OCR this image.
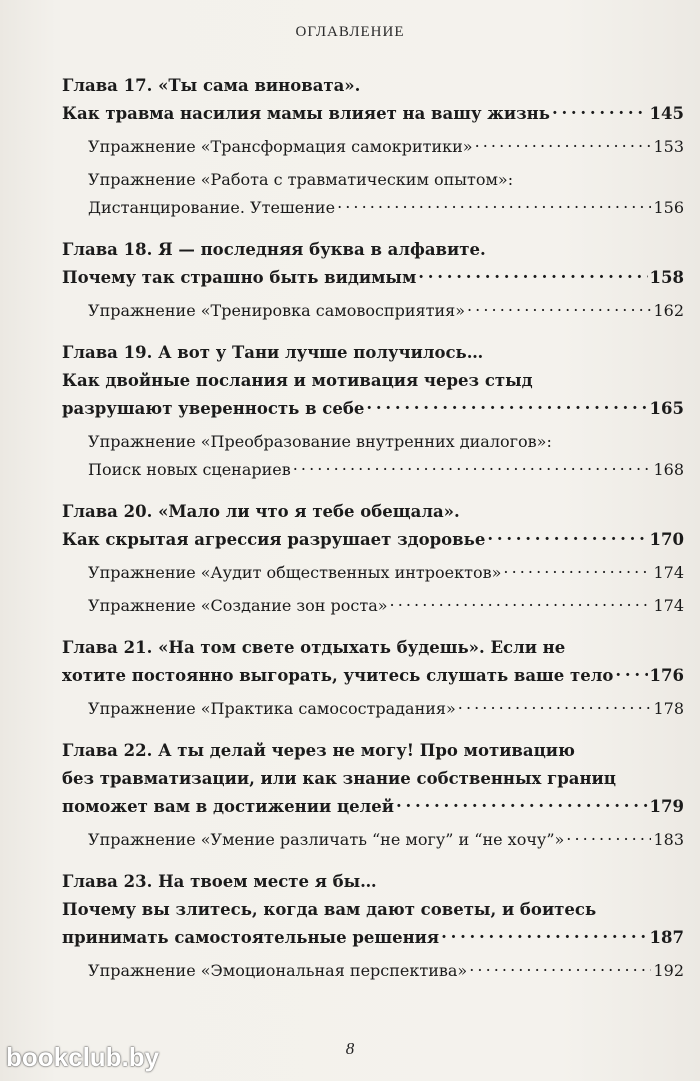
ОГЛАВЛЕНИЕ
Глава 17. «Ты сама виновата».
Как травма насилия мамы влияет на вашу жизнь . . .	145
Упражнение «Трансформация самокритики» . . .	153
Упражнение «Работа с травматическим опытом»:
Дистанцирование. Утешение . . .	156
Глава 18. Я — последняя буква в алфавите.
Почему так страшно быть видимым . . .	158
Упражнение «Тренировка самовосприятия» . . .	162
Глава 19. А вот у Тани лучше получилось…
Как двойные послания и мотивация через стыд
разрушают уверенность в себе . . .	165
Упражнение «Преобразование внутренних диалогов»:
Поиск новых сценариев . . .	168
Глава 20. «Мало ли что я тебе обещала».
Как скрытая агрессия разрушает здоровье . . .	170
Упражнение «Аудит общественных интроектов» . . .	174
Упражнение «Создание зон роста» . . .	174
Глава 21. «На том свете отдыхать будешь». Если не
хотите постоянно выгорать, учитесь слушать ваше тело . . . 176
Упражнение «Практика самосострадания» . . .	178
Глава 22. А ты делай через не могу! Про мотивацию
без травматизации, или как знание собственных границ
поможет вам в достижении целей . . .	179
Упражнение «Умение различать “не могу” и “не хочу”» . . .	183
Глава 23. На твоем месте я бы…
Почему вы злитесь, когда вам дают советы, и боитесь
принимать самостоятельные решения . . .	187
Упражнение «Эмоциональная перспектива» . . .	192
8
bookclub.by
